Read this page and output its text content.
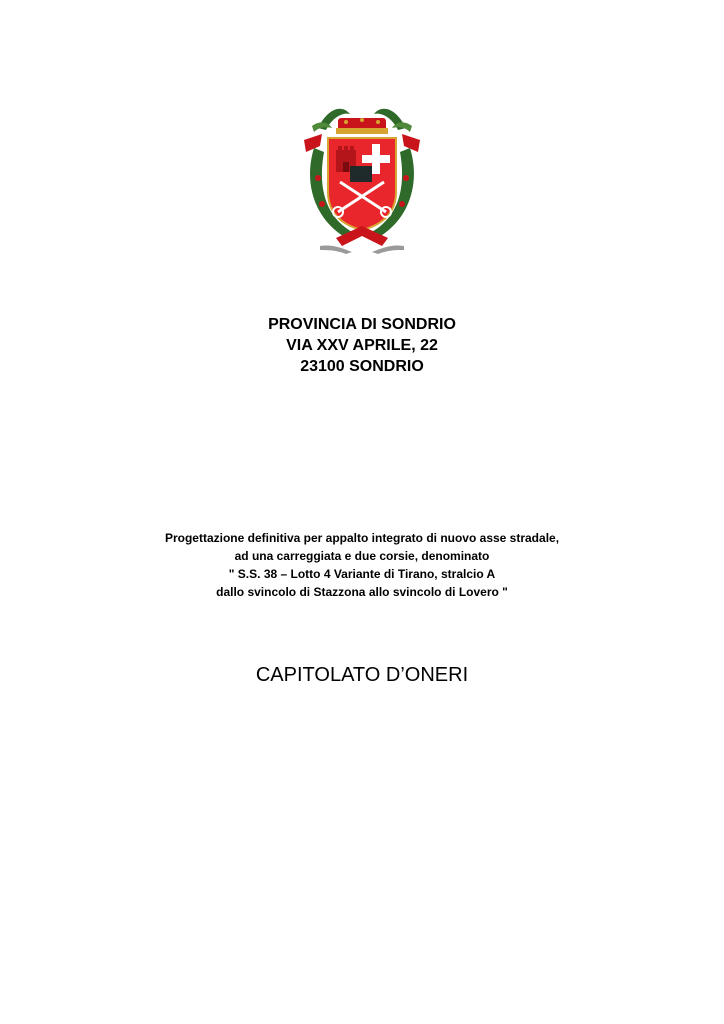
PROVINCIA DI SONDRIO
VIA XXV APRILE, 22
23100 SONDRIO
Progettazione definitiva per appalto integrato di nuovo asse stradale,
ad una carreggiata e due corsie, denominato
" S.S. 38 – Lotto 4 Variante di Tirano, stralcio A
dallo svincolo di Stazzona allo svincolo di Lovero "
CAPITOLATO D’ONERI
